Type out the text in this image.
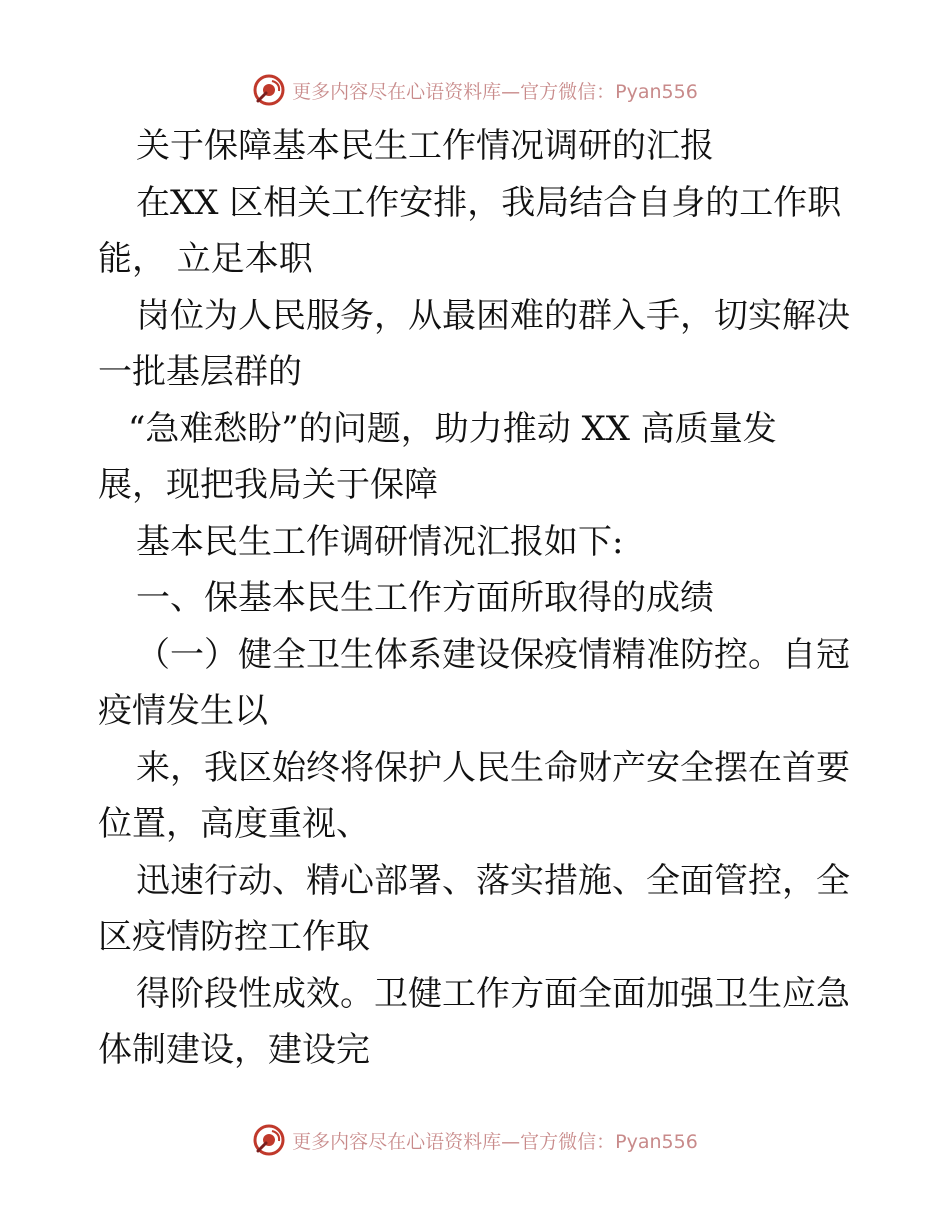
更多内容尽在心语资料库—官方微信：Pyan556
关于保障基本民生工作情况调研的汇报
在XX 区相关工作安排，我局结合自身的工作职
能， 立足本职
岗位为人民服务，从最困难的群入手，切实解决
一批基层群的
“急难愁盼”的问题，助力推动 XX 高质量发
展，现把我局关于保障
基本民生工作调研情况汇报如下:
一、保基本民生工作方面所取得的成绩
（一）健全卫生体系建设保疫情精准防控。自冠
疫情发生以
来，我区始终将保护人民生命财产安全摆在首要
位置，高度重视、
迅速行动、精心部署、落实措施、全面管控，全
区疫情防控工作取
得阶段性成效。卫健工作方面全面加强卫生应急
体制建设，建设完
更多内容尽在心语资料库—官方微信：Pyan556
